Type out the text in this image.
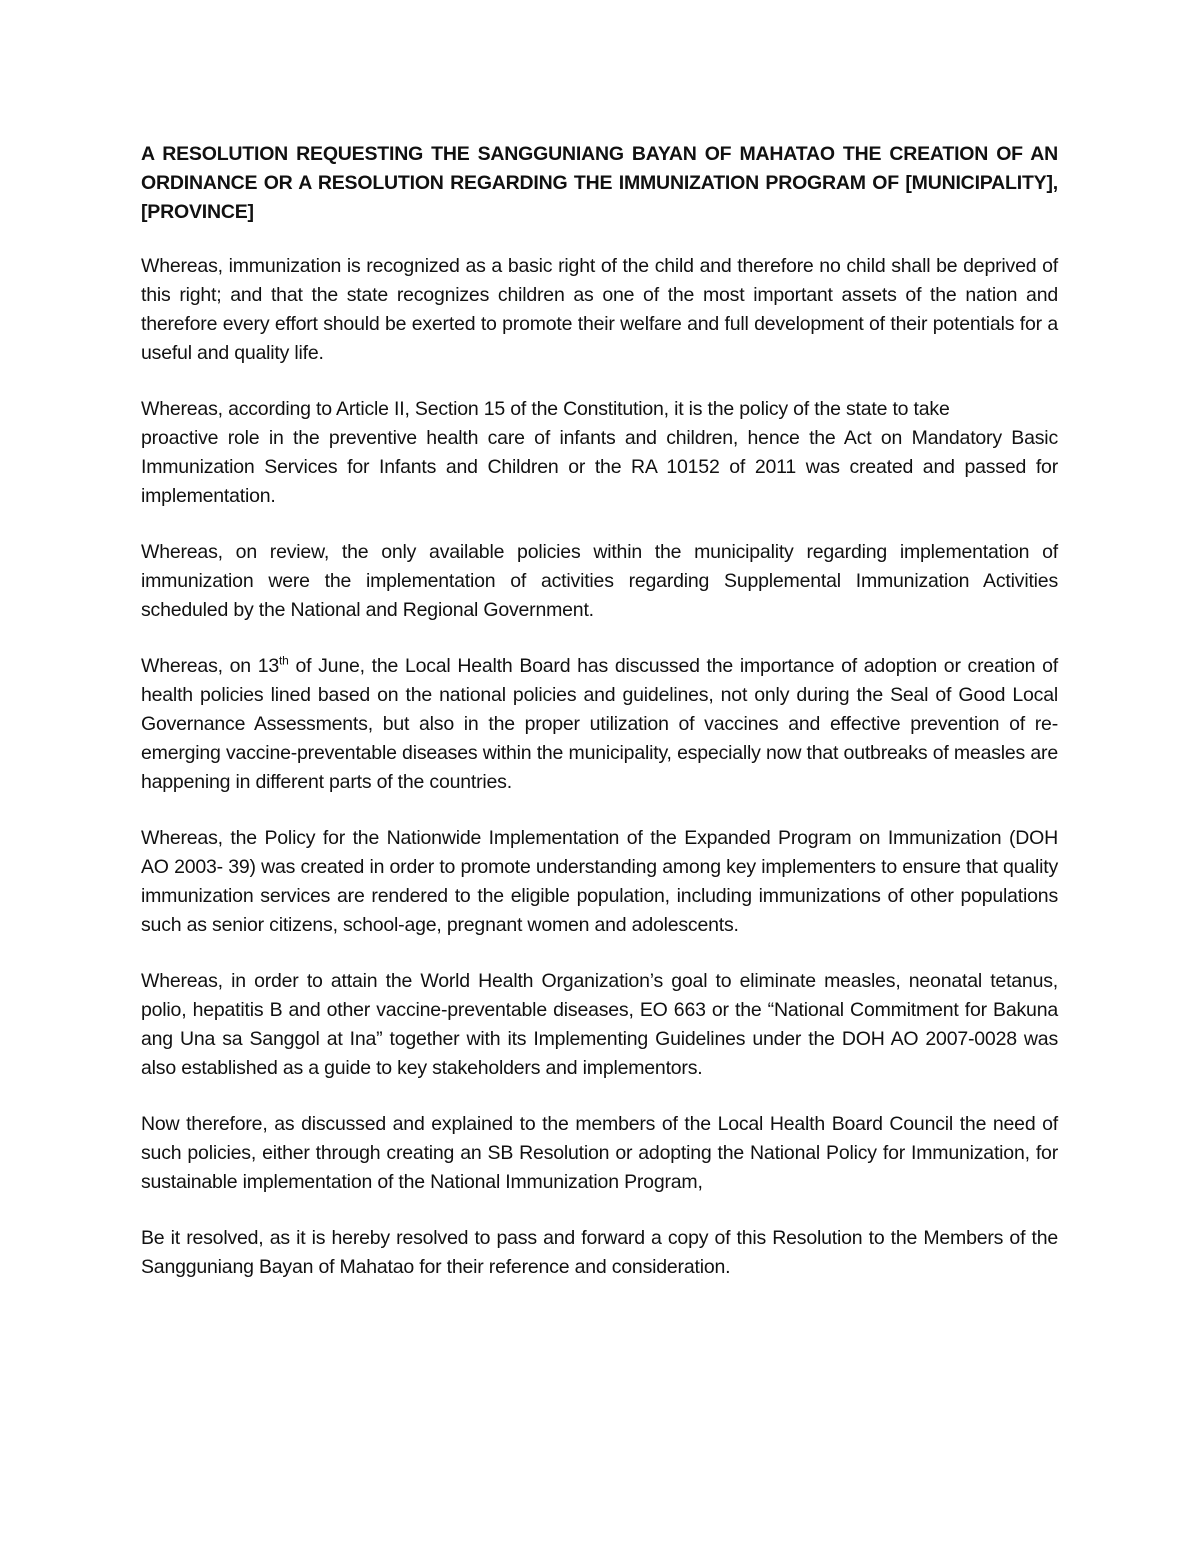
A RESOLUTION REQUESTING THE SANGGUNIANG BAYAN OF MAHATAO THE CREATION OF AN ORDINANCE OR A RESOLUTION REGARDING THE IMMUNIZATION PROGRAM OF [MUNICIPALITY], [PROVINCE]
Whereas, immunization is recognized as a basic right of the child and therefore no child shall be deprived of this right; and that the state recognizes children as one of the most important assets of the nation and therefore every effort should be exerted to promote their welfare and full development of their potentials for a useful and quality life.
Whereas, according to Article II, Section 15 of the Constitution, it is the policy of the state to take
proactive role in the preventive health care of infants and children, hence the Act on Mandatory Basic Immunization Services for Infants and Children or the RA 10152 of 2011 was created and passed for implementation.
Whereas, on review, the only available policies within the municipality regarding implementation of immunization were the implementation of activities regarding Supplemental Immunization Activities scheduled by the National and Regional Government.
Whereas, on 13th of June, the Local Health Board has discussed the importance of adoption or creation of health policies lined based on the national policies and guidelines, not only during the Seal of Good Local Governance Assessments, but also in the proper utilization of vaccines and effective prevention of re-emerging vaccine-preventable diseases within the municipality, especially now that outbreaks of measles are happening in different parts of the countries.
Whereas, the Policy for the Nationwide Implementation of the Expanded Program on Immunization (DOH AO 2003- 39) was created in order to promote understanding among key implementers to ensure that quality immunization services are rendered to the eligible population, including immunizations of other populations such as senior citizens, school-age, pregnant women and adolescents.
Whereas, in order to attain the World Health Organization’s goal to eliminate measles, neonatal tetanus, polio, hepatitis B and other vaccine-preventable diseases, EO 663 or the “National Commitment for Bakuna ang Una sa Sanggol at Ina” together with its Implementing Guidelines under the DOH AO 2007-0028 was also established as a guide to key stakeholders and implementors.
Now therefore, as discussed and explained to the members of the Local Health Board Council the need of such policies, either through creating an SB Resolution or adopting the National Policy for Immunization, for sustainable implementation of the National Immunization Program,
Be it resolved, as it is hereby resolved to pass and forward a copy of this Resolution to the Members of the Sangguniang Bayan of Mahatao for their reference and consideration.
